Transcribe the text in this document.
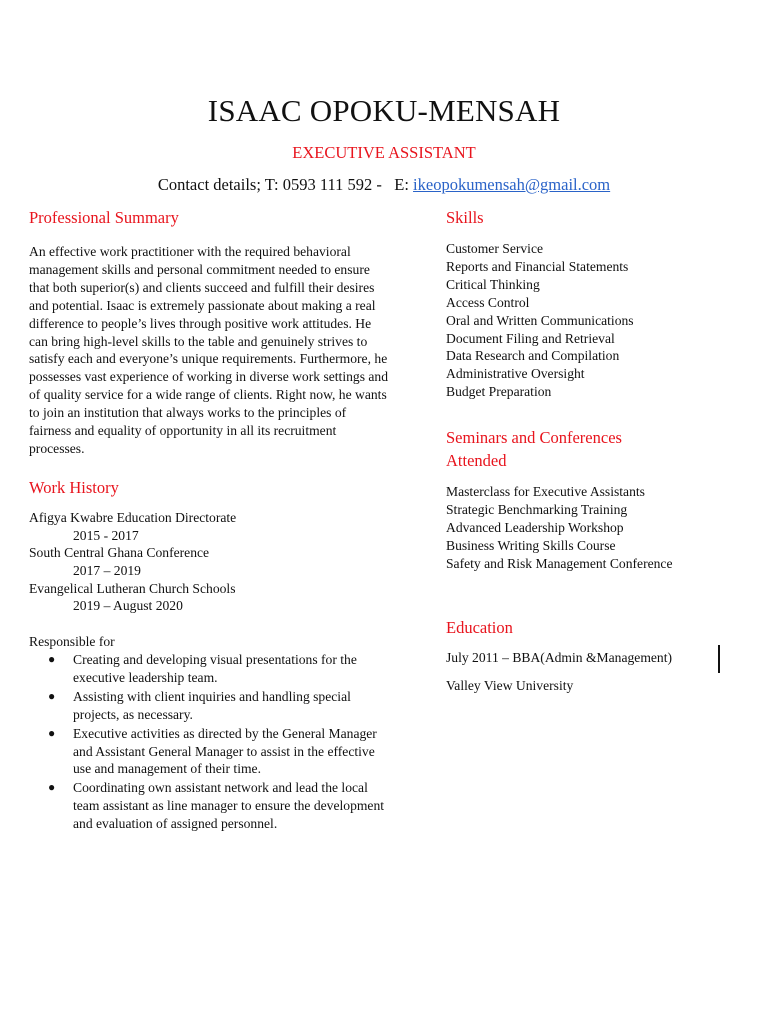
ISAAC OPOKU-MENSAH
EXECUTIVE ASSISTANT
Contact details; T: 0593 111 592 -   E: ikeopokumensah@gmail.com
Professional Summary
An effective work practitioner with the required behavioral
management skills and personal commitment needed to ensure
that both superior(s) and clients succeed and fulfill their desires
and potential. Isaac is extremely passionate about making a real
difference to people’s lives through positive work attitudes. He
can bring high-level skills to the table and genuinely strives to
satisfy each and everyone’s unique requirements. Furthermore, he
possesses vast experience of working in diverse work settings and
of quality service for a wide range of clients. Right now, he wants
to join an institution that always works to the principles of
fairness and equality of opportunity in all its recruitment
processes.
Work History
Afigya Kwabre Education Directorate
2015 - 2017
South Central Ghana Conference
2017 – 2019
Evangelical Lutheran Church Schools
2019 – August 2020
Responsible for
● Creating and developing visual presentations for the
executive leadership team.
● Assisting with client inquiries and handling special
projects, as necessary.
● Executive activities as directed by the General Manager
and Assistant General Manager to assist in the effective
use and management of their time.
● Coordinating own assistant network and lead the local
team assistant as line manager to ensure the development
and evaluation of assigned personnel.
Skills
Customer Service
Reports and Financial Statements
Critical Thinking
Access Control
Oral and Written Communications
Document Filing and Retrieval
Data Research and Compilation
Administrative Oversight
Budget Preparation
Seminars and Conferences
Attended
Masterclass for Executive Assistants
Strategic Benchmarking Training
Advanced Leadership Workshop
Business Writing Skills Course
Safety and Risk Management Conference
Education
July 2011 – BBA(Admin &Management)
Valley View University
